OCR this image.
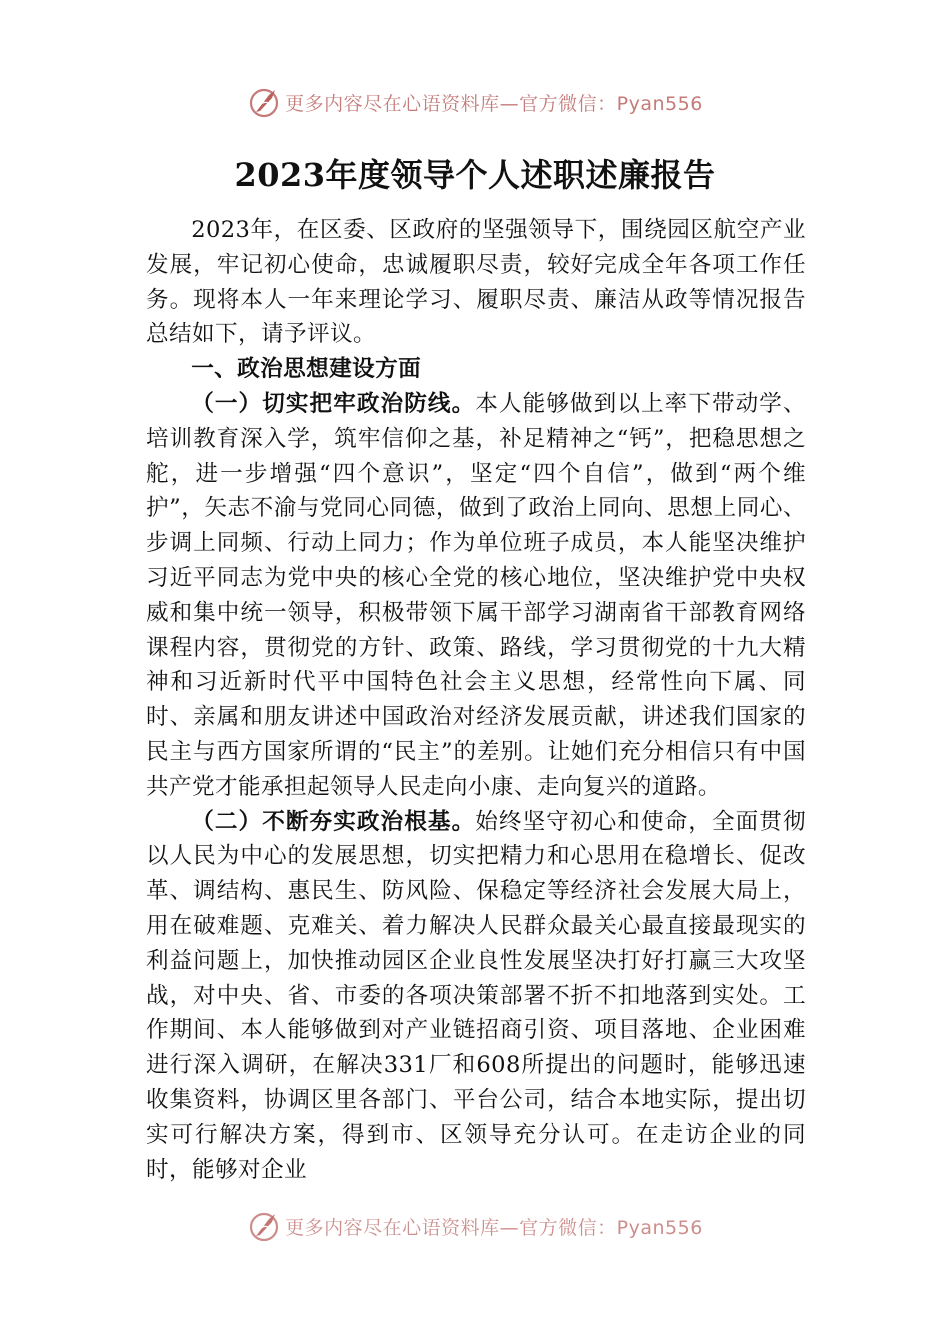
更多内容尽在心语资料库—官方微信：Pyan556
2023年度领导个人述职述廉报告

2023年，在区委、区政府的坚强领导下，围绕园区航空产业发展，牢记初心使命，忠诚履职尽责，较好完成全年各项工作任务。现将本人一年来理论学习、履职尽责、廉洁从政等情况报告总结如下，请予评议。

一、政治思想建设方面

（一）切实把牢政治防线。本人能够做到以上率下带动学、培训教育深入学，筑牢信仰之基，补足精神之“钙”，把稳思想之舵，进一步增强“四个意识”，坚定“四个自信”，做到“两个维护”，矢志不渝与党同心同德，做到了政治上同向、思想上同心、步调上同频、行动上同力；作为单位班子成员，本人能坚决维护习近平同志为党中央的核心全党的核心地位，坚决维护党中央权威和集中统一领导，积极带领下属干部学习湖南省干部教育网络课程内容，贯彻党的方针、政策、路线，学习贯彻党的十九大精神和习近新时代平中国特色社会主义思想，经常性向下属、同时、亲属和朋友讲述中国政治对经济发展贡献，讲述我们国家的民主与西方国家所谓的“民主”的差别。让她们充分相信只有中国共产党才能承担起领导人民走向小康、走向复兴的道路。

（二）不断夯实政治根基。始终坚守初心和使命，全面贯彻以人民为中心的发展思想，切实把精力和心思用在稳增长、促改革、调结构、惠民生、防风险、保稳定等经济社会发展大局上，用在破难题、克难关、着力解决人民群众最关心最直接最现实的利益问题上，加快推动园区企业良性发展坚决打好打赢三大攻坚战，对中央、省、市委的各项决策部署不折不扣地落到实处。工作期间、本人能够做到对产业链招商引资、项目落地、企业困难进行深入调研，在解决331厂和608所提出的问题时，能够迅速收集资料，协调区里各部门、平台公司，结合本地实际，提出切实可行解决方案，得到市、区领导充分认可。在走访企业的同时，能够对企业

更多内容尽在心语资料库—官方微信：Pyan556
